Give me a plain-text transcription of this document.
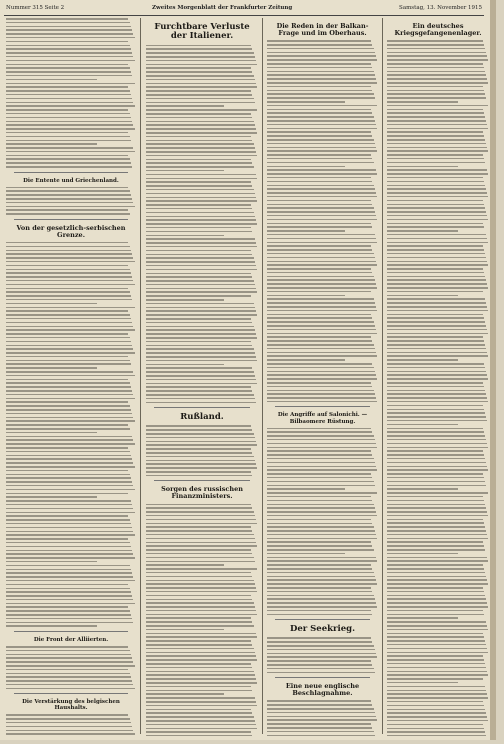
Nummer 315 Seite 2	Zweites Morgenblatt der Frankfurter Zeitung	Samstag, 13. November 1915
Die Entente und Griechenland.
Von der gesetzlich-serbischen Grenze.
Die Front der Alliierten.
Die Verstärkung des belgischen Haushalts.
Furchtbare Verluste der Italiener.
Rußland.
Sorgen des russischen Finanzministers.
Die Reden in der Balkan-Frage und im Oberhaus.
Die Angriffe auf Salonichi. — Bilbaomere Rüstung.
Der Seekrieg.
Eine neue englische Beschlagnahme.
Ein deutsches Kriegsgefangenenlager.
